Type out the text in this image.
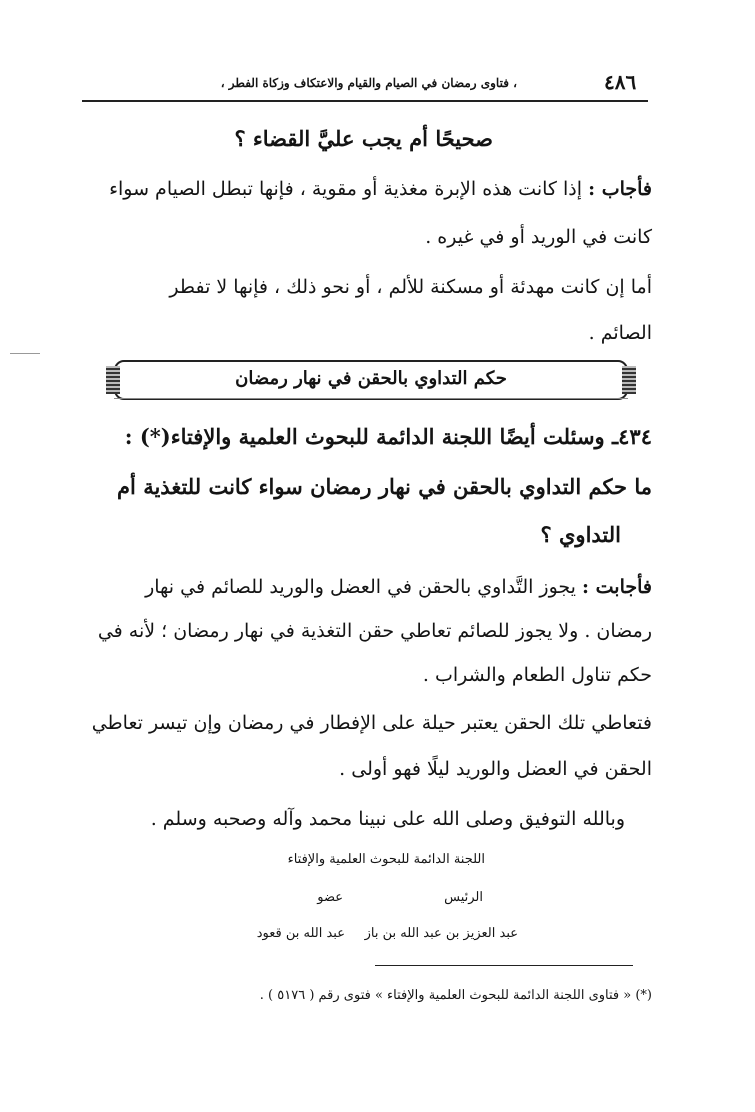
، فتاوى رمضان في الصيام والقيام والاعتكاف وزكاة الفطر ،	٤٨٦
صحيحًا أم يجب عليَّ القضاء ؟
فأجاب : إذا كانت هذه الإبرة مغذية أو مقوية ، فإنها تبطل الصيام سواء
كانت في الوريد أو في غيره .
أما إن كانت مهدئة أو مسكنة للألم ، أو نحو ذلك ، فإنها لا تفطر
الصائم .
حكم التداوي بالحقن في نهار رمضان
٤٣٤ـ وسئلت أيضًا اللجنة الدائمة للبحوث العلمية والإفتاء(*) :
ما حكم التداوي بالحقن في نهار رمضان سواء كانت للتغذية أم
التداوي ؟
فأجابت : يجوز التَّداوي بالحقن في العضل والوريد للصائم في نهار
رمضان . ولا يجوز للصائم تعاطي حقن التغذية في نهار رمضان ؛ لأنه في
حكم تناول الطعام والشراب .
فتعاطي تلك الحقن يعتبر حيلة على الإفطار في رمضان وإن تيسر تعاطي
الحقن في العضل والوريد ليلًا فهو أولى .
وبالله التوفيق وصلى الله على نبينا محمد وآله وصحبه وسلم .
اللجنة الدائمة للبحوث العلمية والإفتاء
الرئيس
عضو
عبد العزيز بن عبد الله بن باز
عبد الله بن قعود
(*) « فتاوى اللجنة الدائمة للبحوث العلمية والإفتاء » فتوى رقم ( ٥١٧٦ ) .
